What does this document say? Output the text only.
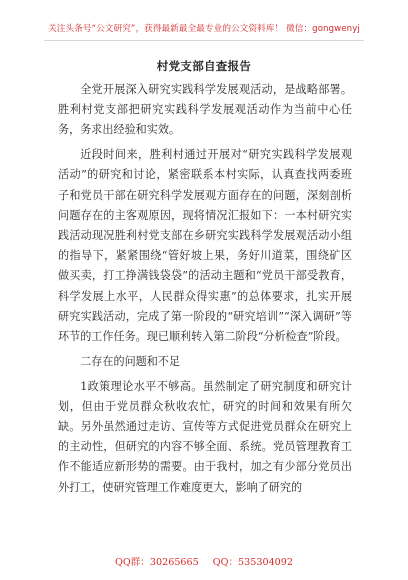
关注头条号“公文研究”，获得最新最全最专业的公文资料库！ 微信：gongwenyj
村党支部自查报告

全党开展深入研究实践科学发展观活动，是战略部署。胜利村党支部把研究实践科学发展观活动作为当前中心任务，务求出经验和实效。

近段时间来，胜利村通过开展对“研究实践科学发展观活动”的研究和讨论，紧密联系本村实际，认真查找两委班子和党员干部在研究科学发展观方面存在的问题，深刻剖析问题存在的主客观原因，现将情况汇报如下：一本村研究实践活动现况胜利村党支部在乡研究实践科学发展观活动小组的指导下，紧紧围绕“管好坡上果，务好川道菜，围绕矿区做买卖，打工挣满钱袋袋”的活动主题和“党员干部受教育，科学发展上水平，人民群众得实惠”的总体要求，扎实开展研究实践活动，完成了第一阶段的“研究培训”“深入调研”等环节的工作任务。现已顺利转入第二阶段“分析检查”阶段。

二存在的问题和不足

1政策理论水平不够高。虽然制定了研究制度和研究计划，但由于党员群众秋收农忙，研究的时间和效果有所欠缺。另外虽然通过走访、宣传等方式促进党员群众在研究上的主动性，但研究的内容不够全面、系统。党员管理教育工作不能适应新形势的需要。由于我村，加之有少部分党员出外打工，使研究管理工作难度更大，影响了研究的

QQ群：30265665 QQ：535304092
